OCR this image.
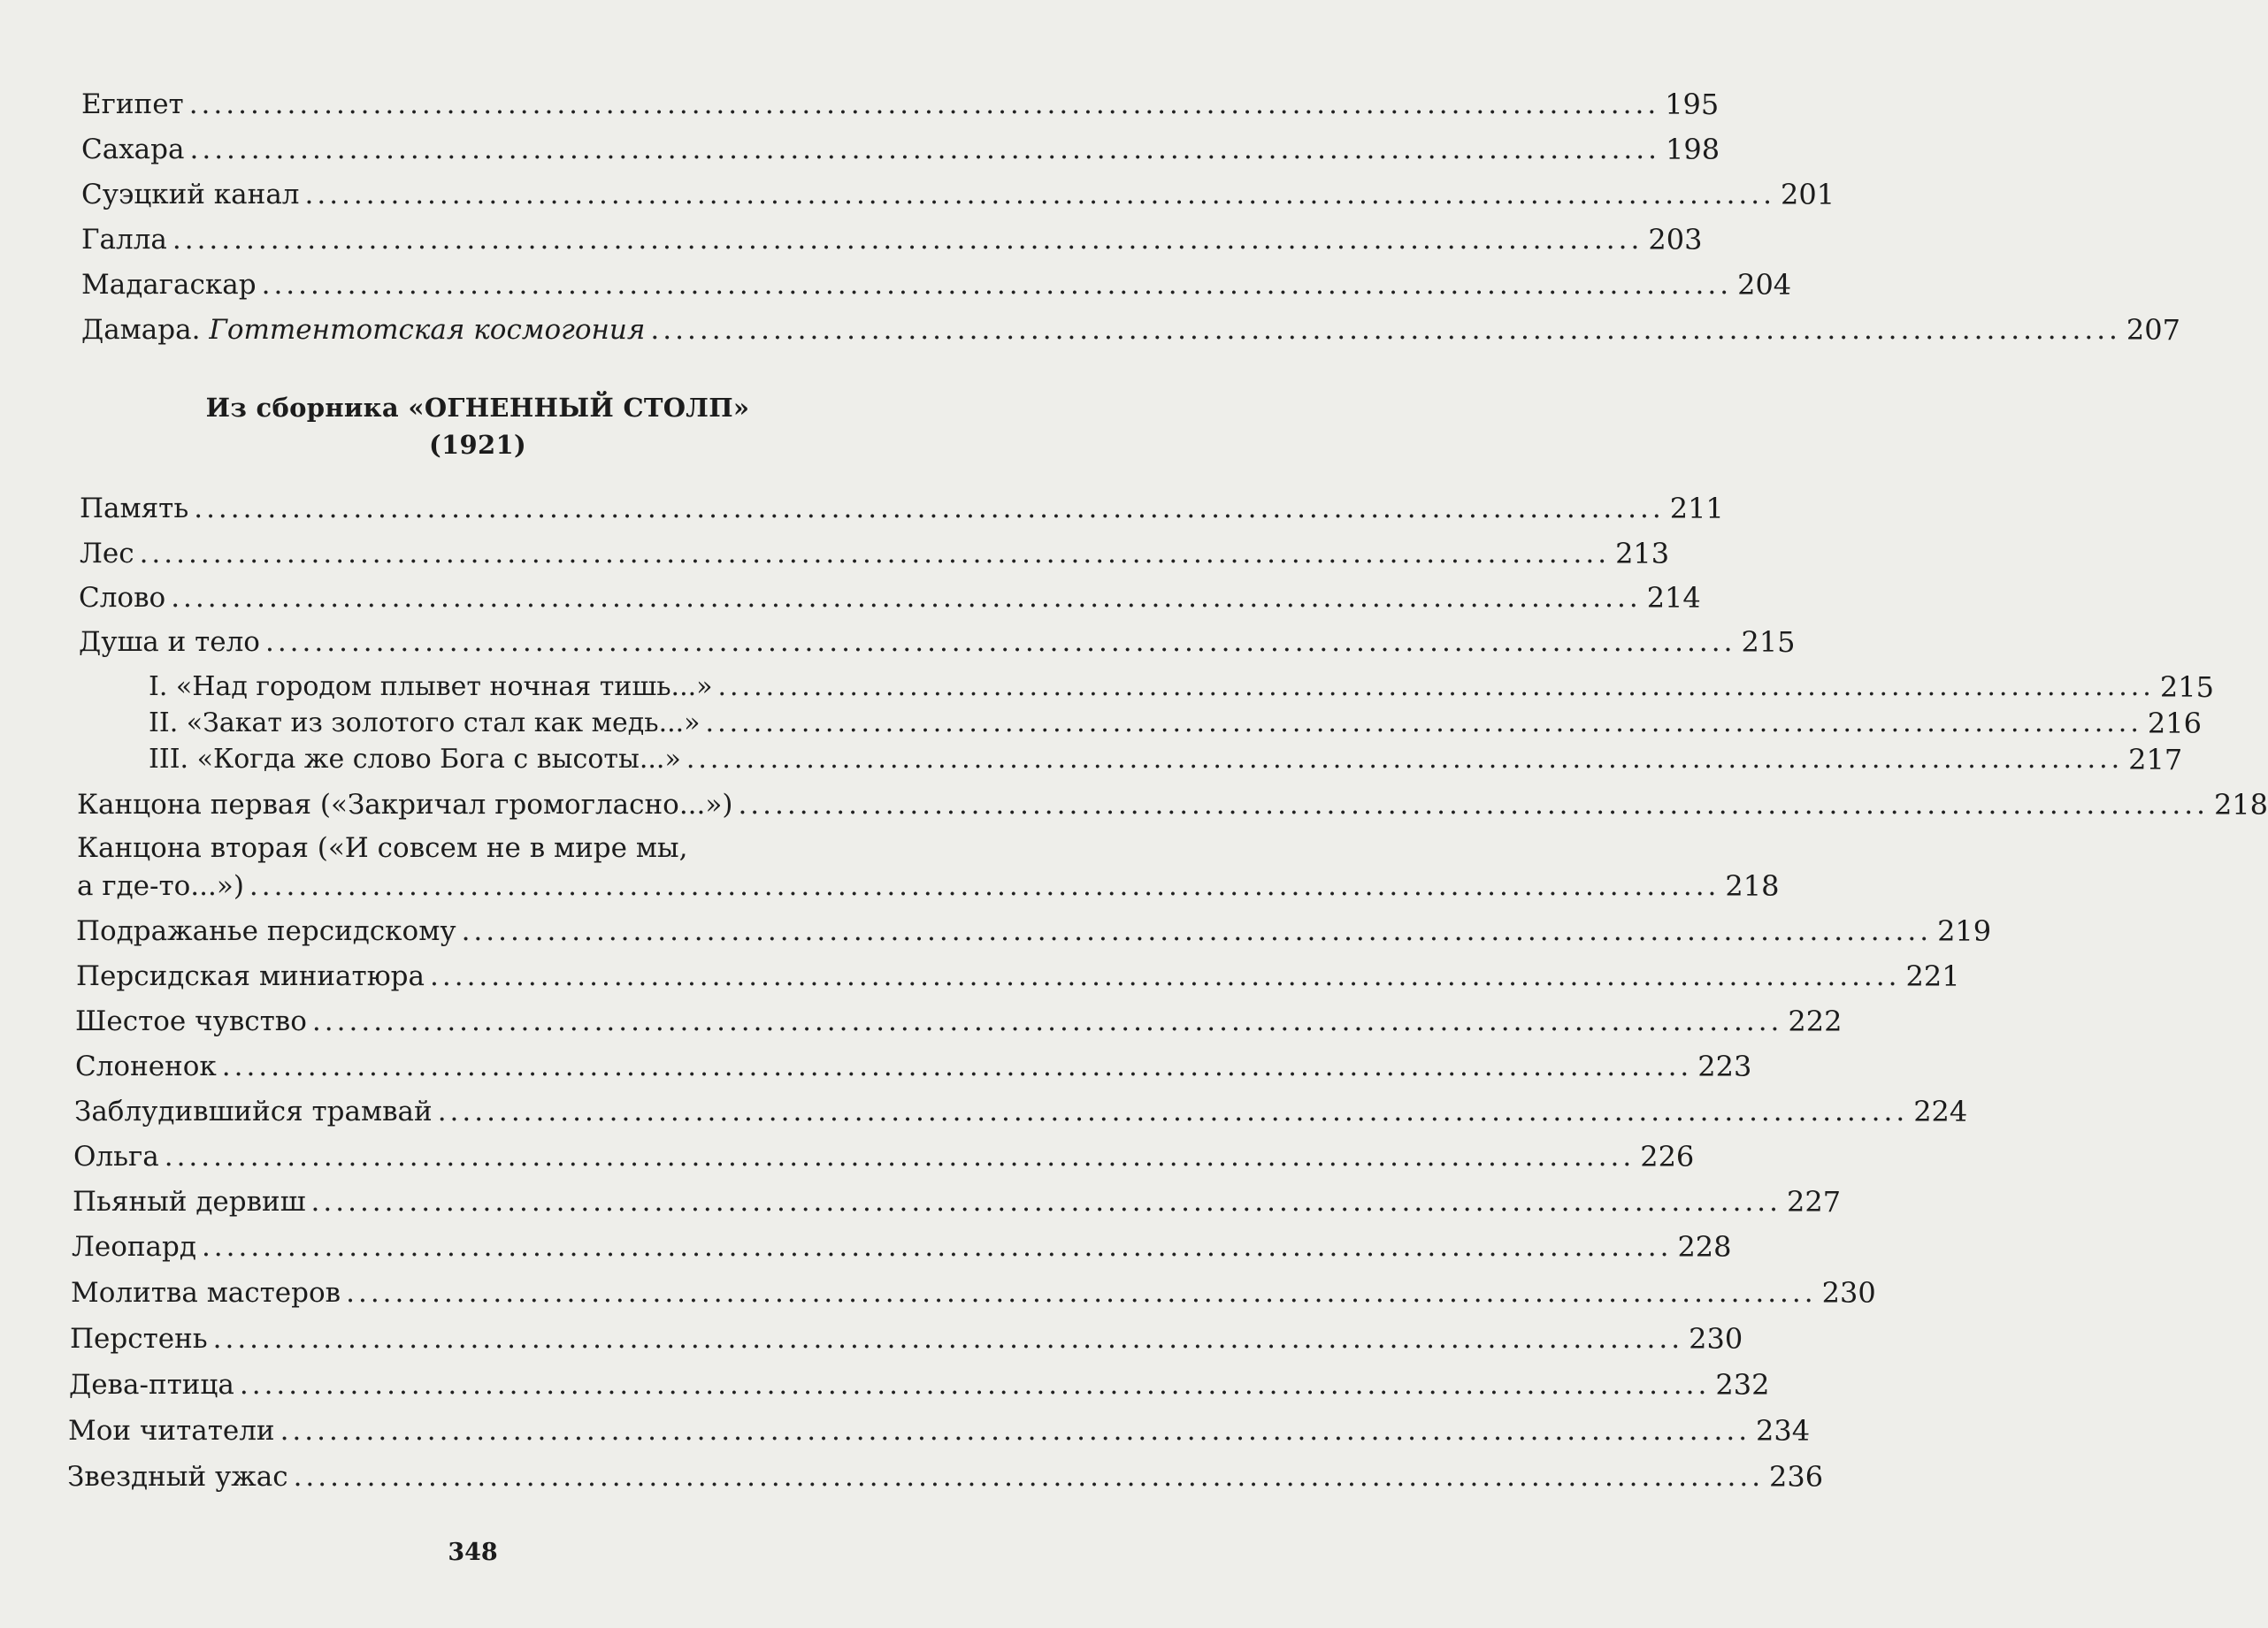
Египет ........................................................................................................................ 195
Сахара ........................................................................................................................ 198
Суэцкий канал ........................................................................................................................ 201
Галла ........................................................................................................................ 203
Мадагаскар ........................................................................................................................ 204
Дамара. Готтентотская космогония ........................................................................................................................ 207
Из сборника «ОГНЕННЫЙ СТОЛП»
(1921)
Память ........................................................................................................................ 211
Лес ........................................................................................................................ 213
Слово ........................................................................................................................ 214
Душа и тело ........................................................................................................................ 215
I. «Над городом плывет ночная тишь...» ........................................................................................................................ 215
II. «Закат из золотого стал как медь...» ........................................................................................................................ 216
III. «Когда же слово Бога с высоты...» ........................................................................................................................ 217
Канцона первая («Закричал громогласно...») ........................................................................................................................ 218
Канцона вторая («И совсем не в мире мы,
а где-то...») ........................................................................................................................ 218
Подражанье персидскому ........................................................................................................................ 219
Персидская миниатюра ........................................................................................................................ 221
Шестое чувство ........................................................................................................................ 222
Слоненок ........................................................................................................................ 223
Заблудившийся трамвай ........................................................................................................................ 224
Ольга ........................................................................................................................ 226
Пьяный дервиш ........................................................................................................................ 227
Леопард ........................................................................................................................ 228
Молитва мастеров ........................................................................................................................ 230
Перстень ........................................................................................................................ 230
Дева-птица ........................................................................................................................ 232
Мои читатели ........................................................................................................................ 234
Звездный ужас ........................................................................................................................ 236
348
